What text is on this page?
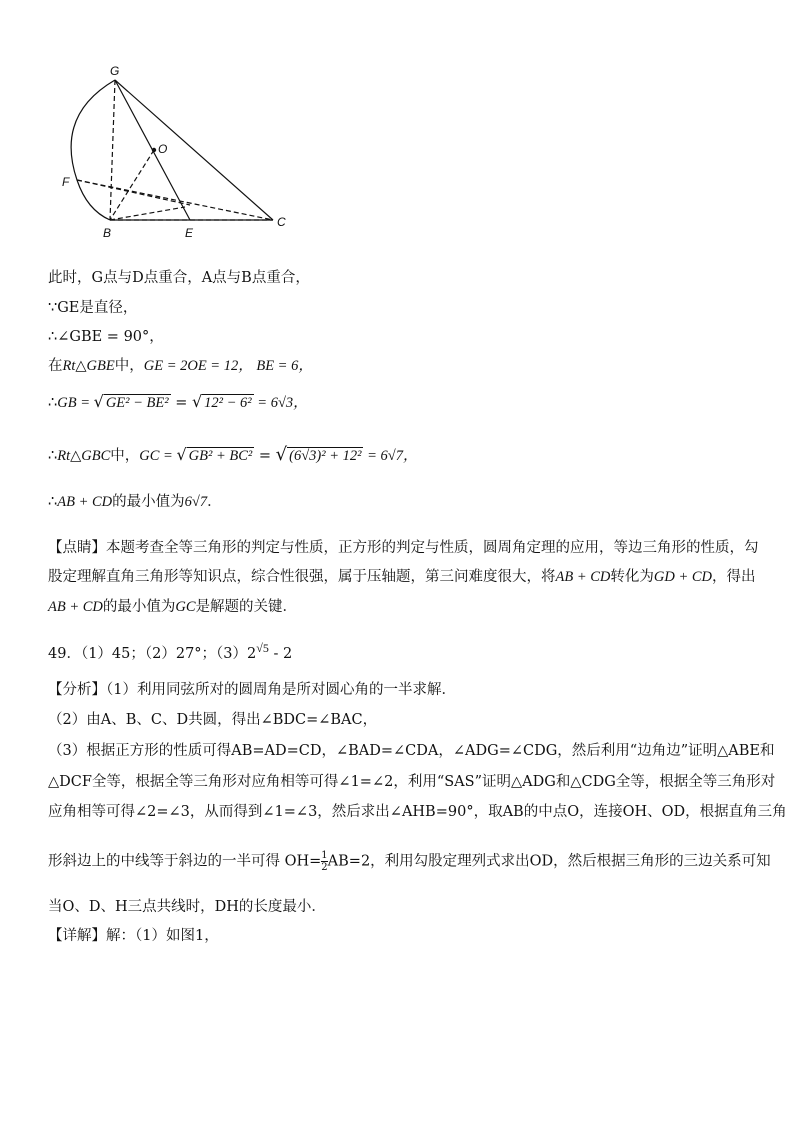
G
O
F
B	E
C
此时，G点与D点重合，A点与B点重合，
∵GE是直径，
∴∠GBE = 90°，
在Rt△GBE中，GE = 2OE = 12， BE = 6，
∴GB = √ GE² − BE² = √ 12² − 6² = 6√3，
∴Rt△GBC中，GC = √ GB² + BC² = √ (6√3)² + 12² = 6√7，
∴AB + CD的最小值为6√7．
【点睛】本题考查全等三角形的判定与性质，正方形的判定与性质，圆周角定理的应用，等边三角形的性质，勾
股定理解直角三角形等知识点，综合性很强，属于压轴题，第三问难度很大，将AB + CD转化为GD + CD，得出
AB + CD的最小值为GC是解题的关键．
49．（1）45；（2）27°；$(3)2^{√5} - 2$
【分析】（1）利用同弦所对的圆周角是所对圆心角的一半求解．
（2）由A、B、C、D共圆，得出∠BDC=∠BAC，
（3）根据正方形的性质可得AB=AD=CD，∠BAD=∠CDA，∠ADG=∠CDG，然后利用“边角边”证明△ABE和
△DCF全等，根据全等三角形对应角相等可得∠1=∠2，利用“SAS”证明△ADG和△CDG全等，根据全等三角形对
应角相等可得∠2=∠3，从而得到∠1=∠3，然后求出∠AHB=90°，取AB的中点O，连接OH、OD，根据直角三角
形斜边上的中线等于斜边的一半可得 $OH= \frac{1}{2} AB=2$，利用勾股定理列式求出OD，然后根据三角形的三边关系可知
当O、D、H三点共线时，DH的长度最小．
【详解】解：（1）如图1，
